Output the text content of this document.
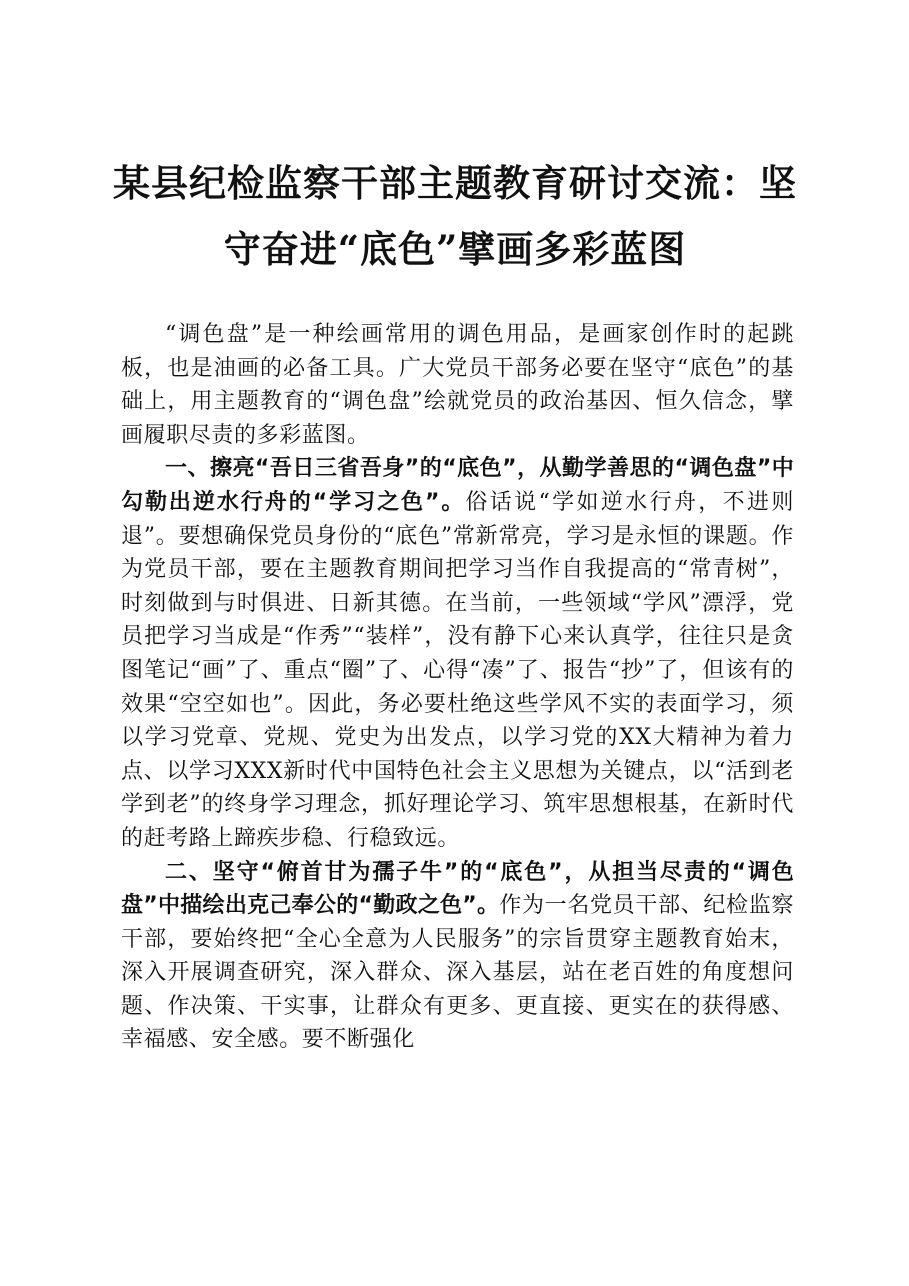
某县纪检监察干部主题教育研讨交流：坚守奋进“底色”擘画多彩蓝图

“调色盘”是一种绘画常用的调色用品，是画家创作时的起跳板，也是油画的必备工具。广大党员干部务必要在坚守“底色”的基础上，用主题教育的“调色盘”绘就党员的政治基因、恒久信念，擘画履职尽责的多彩蓝图。

一、擦亮“吾日三省吾身”的“底色”，从勤学善思的“调色盘”中勾勒出逆水行舟的“学习之色”。俗话说“学如逆水行舟，不进则退”。要想确保党员身份的“底色”常新常亮，学习是永恒的课题。作为党员干部，要在主题教育期间把学习当作自我提高的“常青树”，时刻做到与时俱进、日新其德。在当前，一些领域“学风”漂浮，党员把学习当成是“作秀”“装样”，没有静下心来认真学，往往只是贪图笔记“画”了、重点“圈”了、心得“凑”了、报告“抄”了，但该有的效果“空空如也”。因此，务必要杜绝这些学风不实的表面学习，须以学习党章、党规、党史为出发点，以学习党的XX大精神为着力点、以学习XXX新时代中国特色社会主义思想为关键点，以“活到老学到老”的终身学习理念，抓好理论学习、筑牢思想根基，在新时代的赶考路上蹄疾步稳、行稳致远。

二、坚守“俯首甘为孺子牛”的“底色”，从担当尽责的“调色盘”中描绘出克己奉公的“勤政之色”。作为一名党员干部、纪检监察干部，要始终把“全心全意为人民服务”的宗旨贯穿主题教育始末，深入开展调查研究，深入群众、深入基层，站在老百姓的角度想问题、作决策、干实事，让群众有更多、更直接、更实在的获得感、幸福感、安全感。要不断强化
